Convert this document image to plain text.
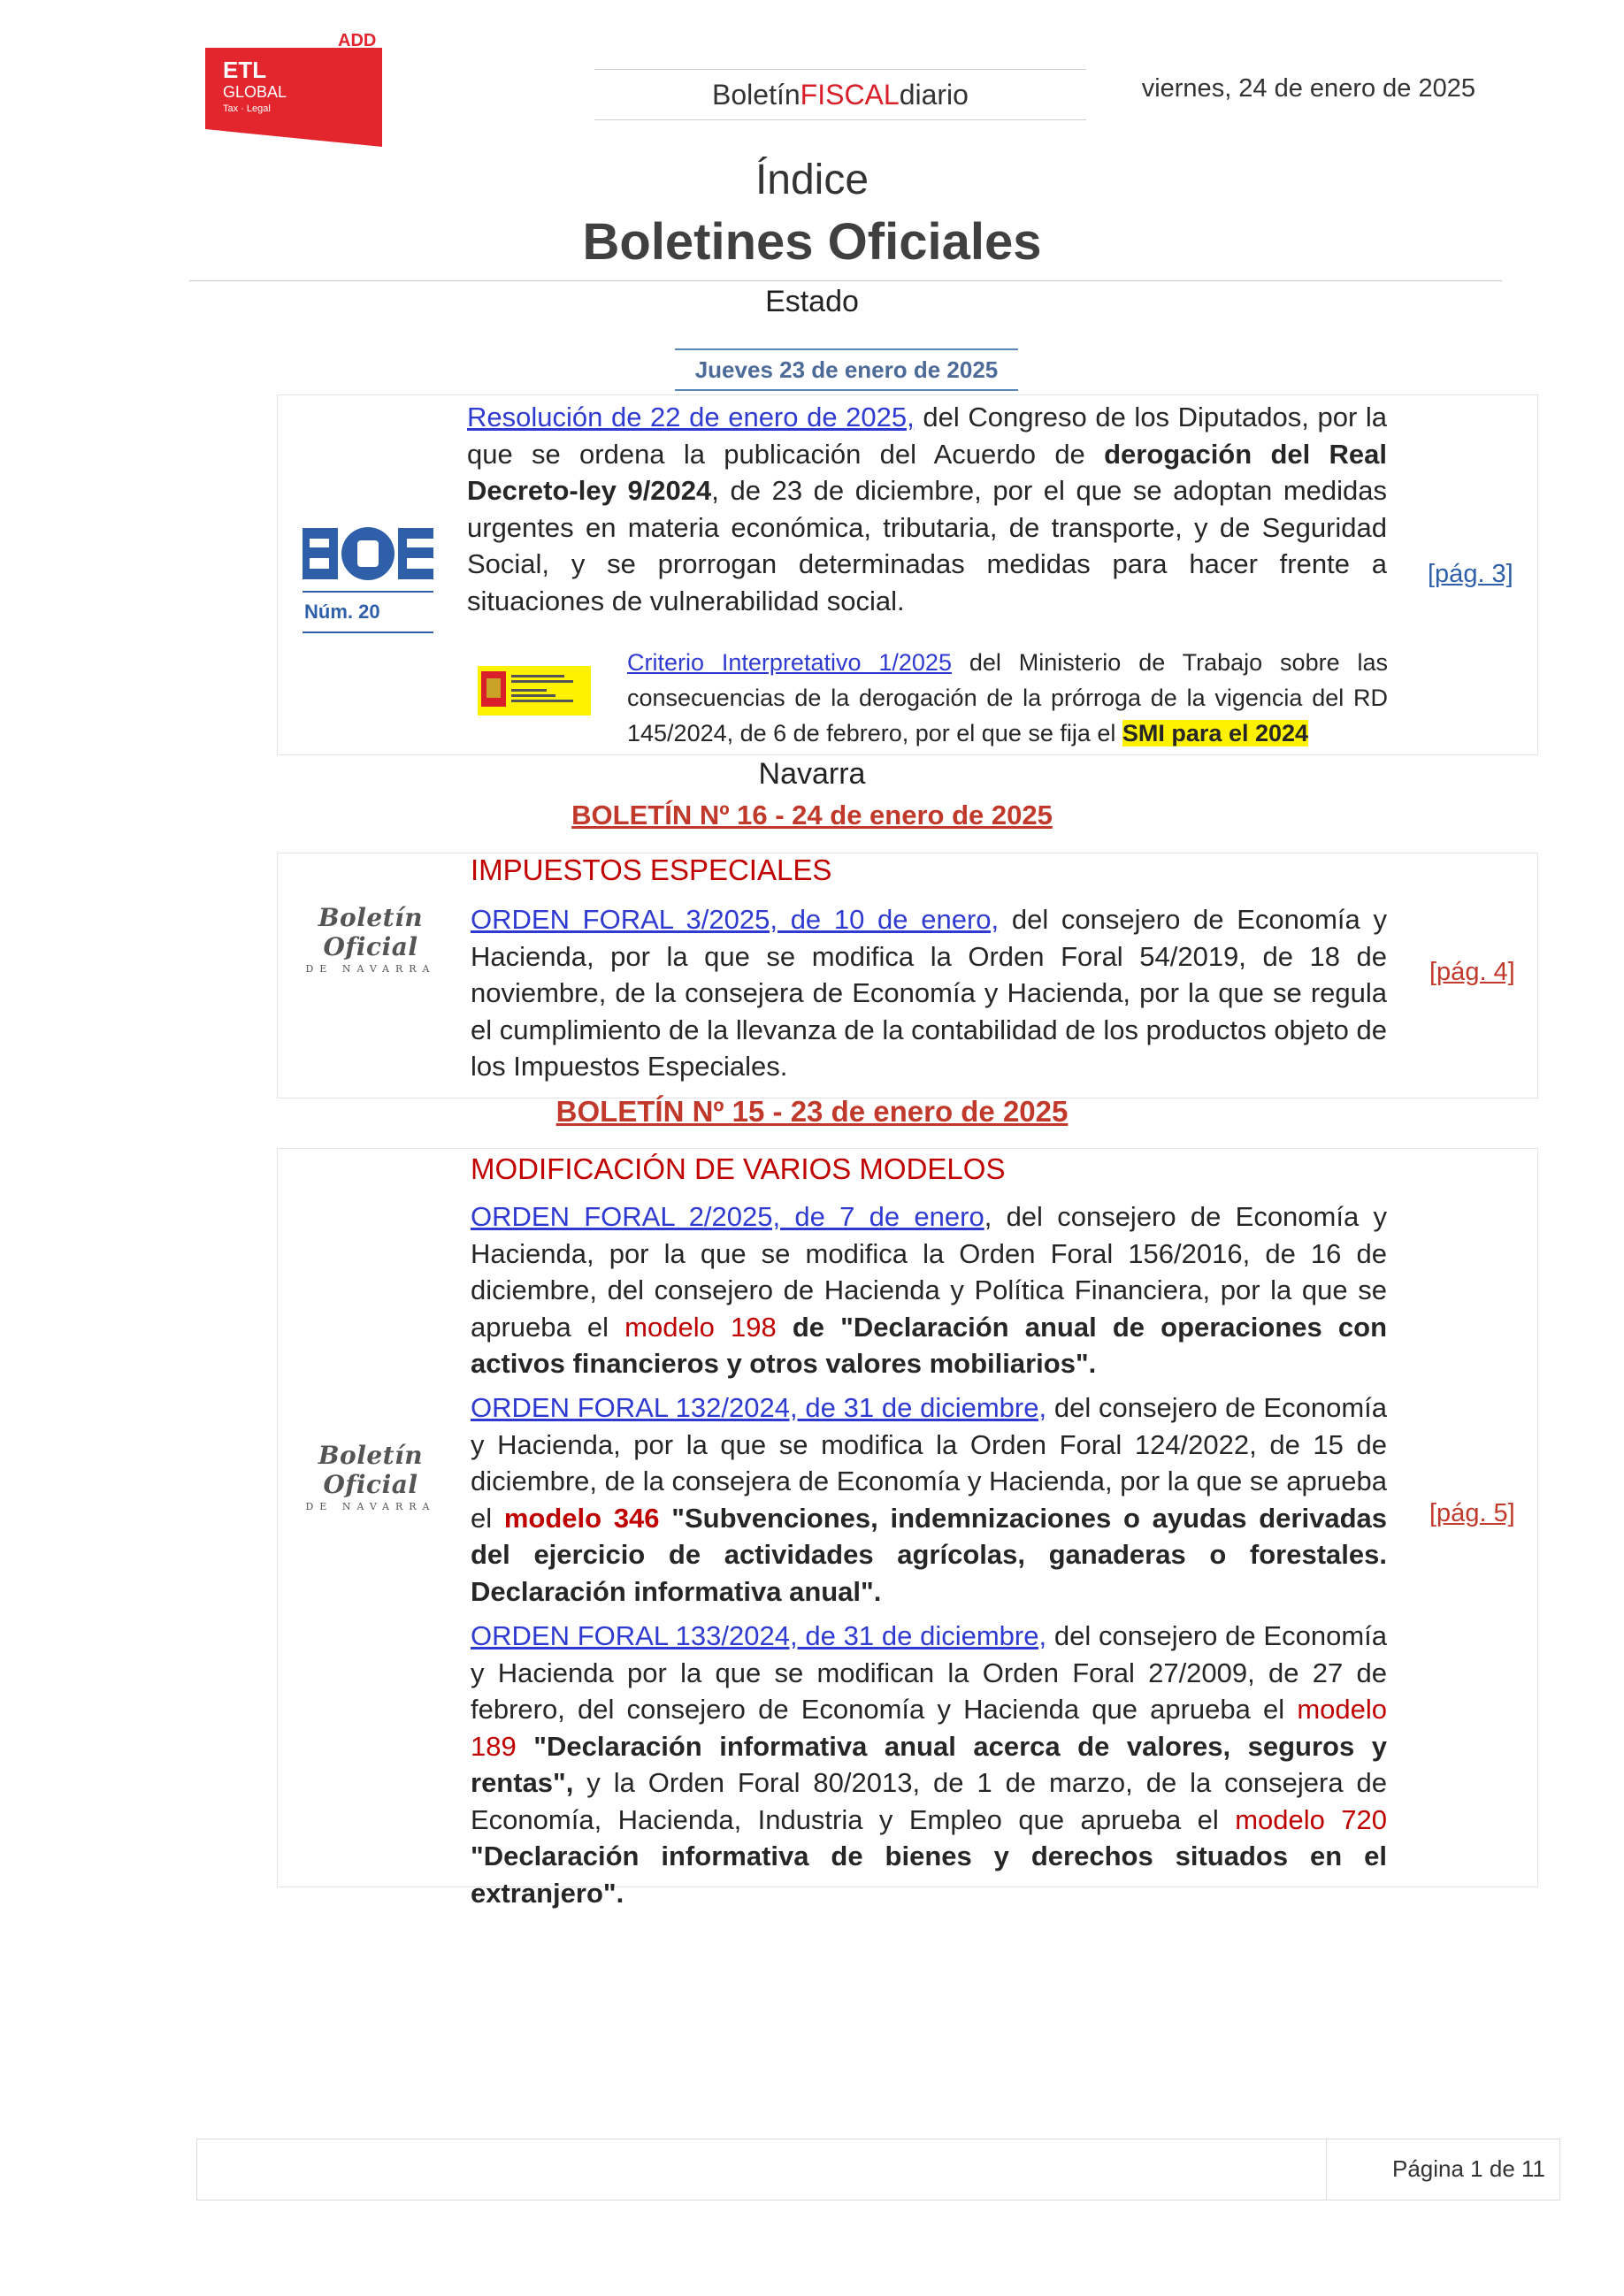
ADD
ETL
GLOBAL
Tax · Legal	Boletín FISCAL diario	viernes, 24 de enero de 2025
Índice
Boletines Oficiales
Estado
Jueves 23 de enero de 2025
Núm. 20
Resolución de 22 de enero de 2025, del Congreso de los Diputados, por la que se ordena la publicación del Acuerdo de derogación del Real Decreto-ley 9/2024, de 23 de diciembre, por el que se adoptan medidas urgentes en materia económica, tributaria, de transporte, y de Seguridad Social, y se prorrogan determinadas medidas para hacer frente a situaciones de vulnerabilidad social.
Criterio Interpretativo 1/2025 del Ministerio de Trabajo sobre las consecuencias de la derogación de la prórroga de la vigencia del RD 145/2024, de 6 de febrero, por el que se fija el SMI para el 2024
[pág. 3]
Navarra
BOLETÍN Nº 16 - 24 de enero de 2025
Boletín Oficial
DE NAVARRA
IMPUESTOS ESPECIALES
ORDEN FORAL 3/2025, de 10 de enero, del consejero de Economía y Hacienda, por la que se modifica la Orden Foral 54/2019, de 18 de noviembre, de la consejera de Economía y Hacienda, por la que se regula el cumplimiento de la llevanza de la contabilidad de los productos objeto de los Impuestos Especiales.
[pág. 4]
BOLETÍN Nº 15 - 23 de enero de 2025
Boletín Oficial
DE NAVARRA
MODIFICACIÓN DE VARIOS MODELOS
ORDEN FORAL 2/2025, de 7 de enero, del consejero de Economía y Hacienda, por la que se modifica la Orden Foral 156/2016, de 16 de diciembre, del consejero de Hacienda y Política Financiera, por la que se aprueba el modelo 198 de "Declaración anual de operaciones con activos financieros y otros valores mobiliarios".
ORDEN FORAL 132/2024, de 31 de diciembre, del consejero de Economía y Hacienda, por la que se modifica la Orden Foral 124/2022, de 15 de diciembre, de la consejera de Economía y Hacienda, por la que se aprueba el modelo 346 "Subvenciones, indemnizaciones o ayudas derivadas del ejercicio de actividades agrícolas, ganaderas o forestales. Declaración informativa anual".
ORDEN FORAL 133/2024, de 31 de diciembre, del consejero de Economía y Hacienda por la que se modifican la Orden Foral 27/2009, de 27 de febrero, del consejero de Economía y Hacienda que aprueba el modelo 189 "Declaración informativa anual acerca de valores, seguros y rentas", y la Orden Foral 80/2013, de 1 de marzo, de la consejera de Economía, Hacienda, Industria y Empleo que aprueba el modelo 720 "Declaración informativa de bienes y derechos situados en el extranjero".
[pág. 5]
Página 1 de 11
